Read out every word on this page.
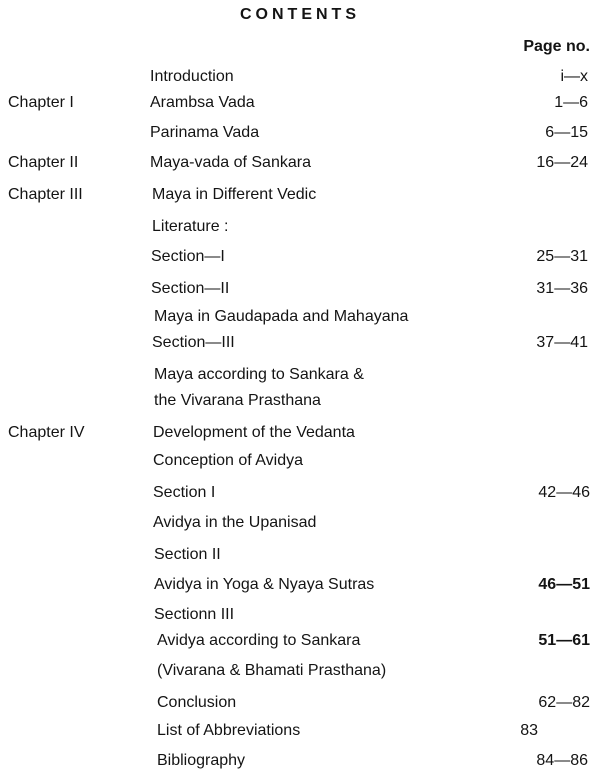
CONTENTS
Page no.
Introduction	i—x
Chapter I	Arambsa Vada	1—6
Parinama Vada	6—15
Chapter II	Maya-vada of Sankara	16—24
Chapter III	Maya in Different Vedic
Literature :
Section—I	25—31
Section—II	31—36
Maya in Gaudapada and Mahayana
Section—III	37—41
Maya according to Sankara &
the Vivarana Prasthana
Chapter IV	Development of the Vedanta
Conception of Avidya
Section I	42—46
Avidya in the Upanisad
Section II
Avidya in Yoga & Nyaya Sutras	46—51
Sectionn III
Avidya according to Sankara	51—61
(Vivarana & Bhamati Prasthana)
Conclusion	62—82
List of Abbreviations	83
Bibliography	84—86
